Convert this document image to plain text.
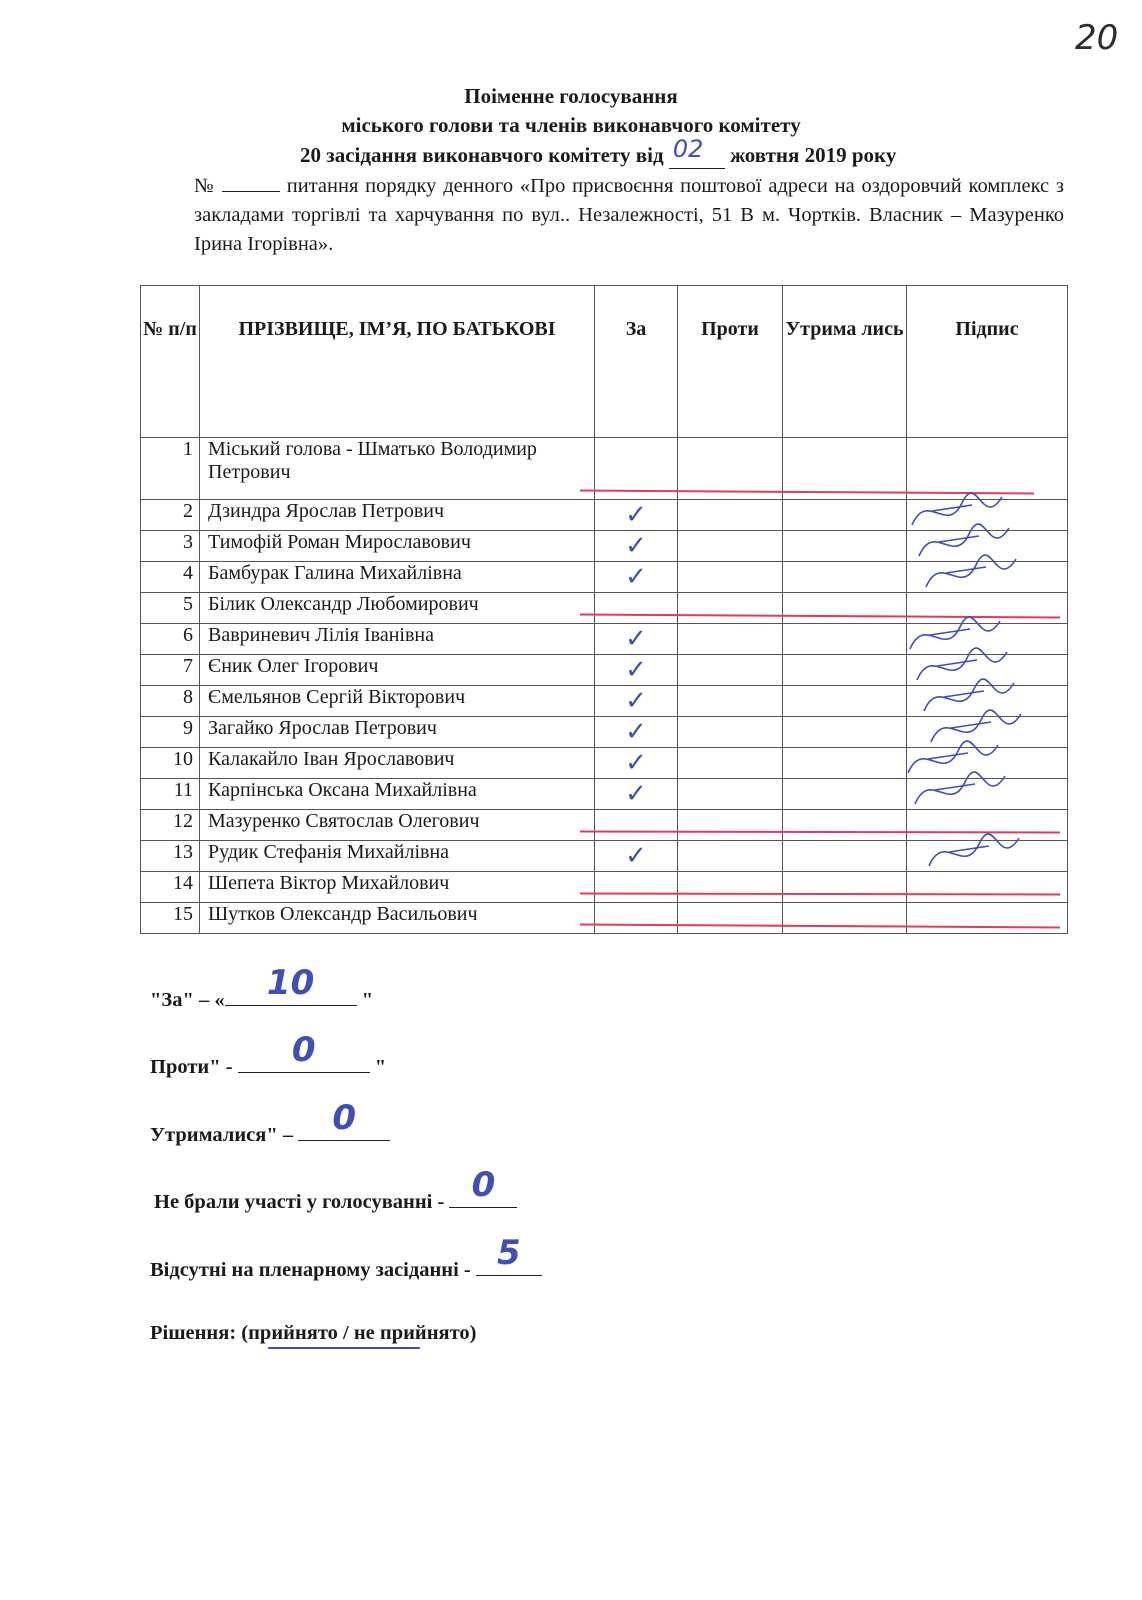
20
Поіменне голосування
міського голови та членів виконавчого комітету
20 засідання виконавчого комітету від 02 жовтня 2019 року
№	питання порядку денного «Про присвоєння поштової адреси на оздоровчий комплекс з закладами торгівлі та харчування по вул.. Незалежності, 51 В м. Чортків. Власник – Мазуренко Ірина Ігорівна».
№ п/п	ПРІЗВИЩЕ, ІМ’Я, ПО БАТЬКОВІ	За	Проти	Утрима лись	Підпис
1	Міський голова - Шматько Володимир Петрович				
2	Дзиндра Ярослав Петрович	✓			
3	Тимофій Роман Мирославович	✓			
4	Бамбурак Галина Михайлівна	✓			
5	Білик Олександр Любомирович				
6	Вавриневич Лілія Іванівна	✓			
7	Єник Олег Ігорович	✓			
8	Ємельянов Сергій Вікторович	✓			
9	Загайко Ярослав Петрович	✓			
10	Калакайло Іван Ярославович	✓			
11	Карпінська Оксана Михайлівна	✓			
12	Мазуренко Святослав Олегович				
13	Рудик Стефанія Михайлівна	✓			
14	Шепета Віктор Михайлович				
15	Шутков Олександр Васильович				
"За" – « 10 "
Проти" - 0	"
Утрималися" – 0
Не брали участі у голосуванні - 0
Відсутні на пленарному засіданні - 5
Рішення: (прийнято / не прийнято)
